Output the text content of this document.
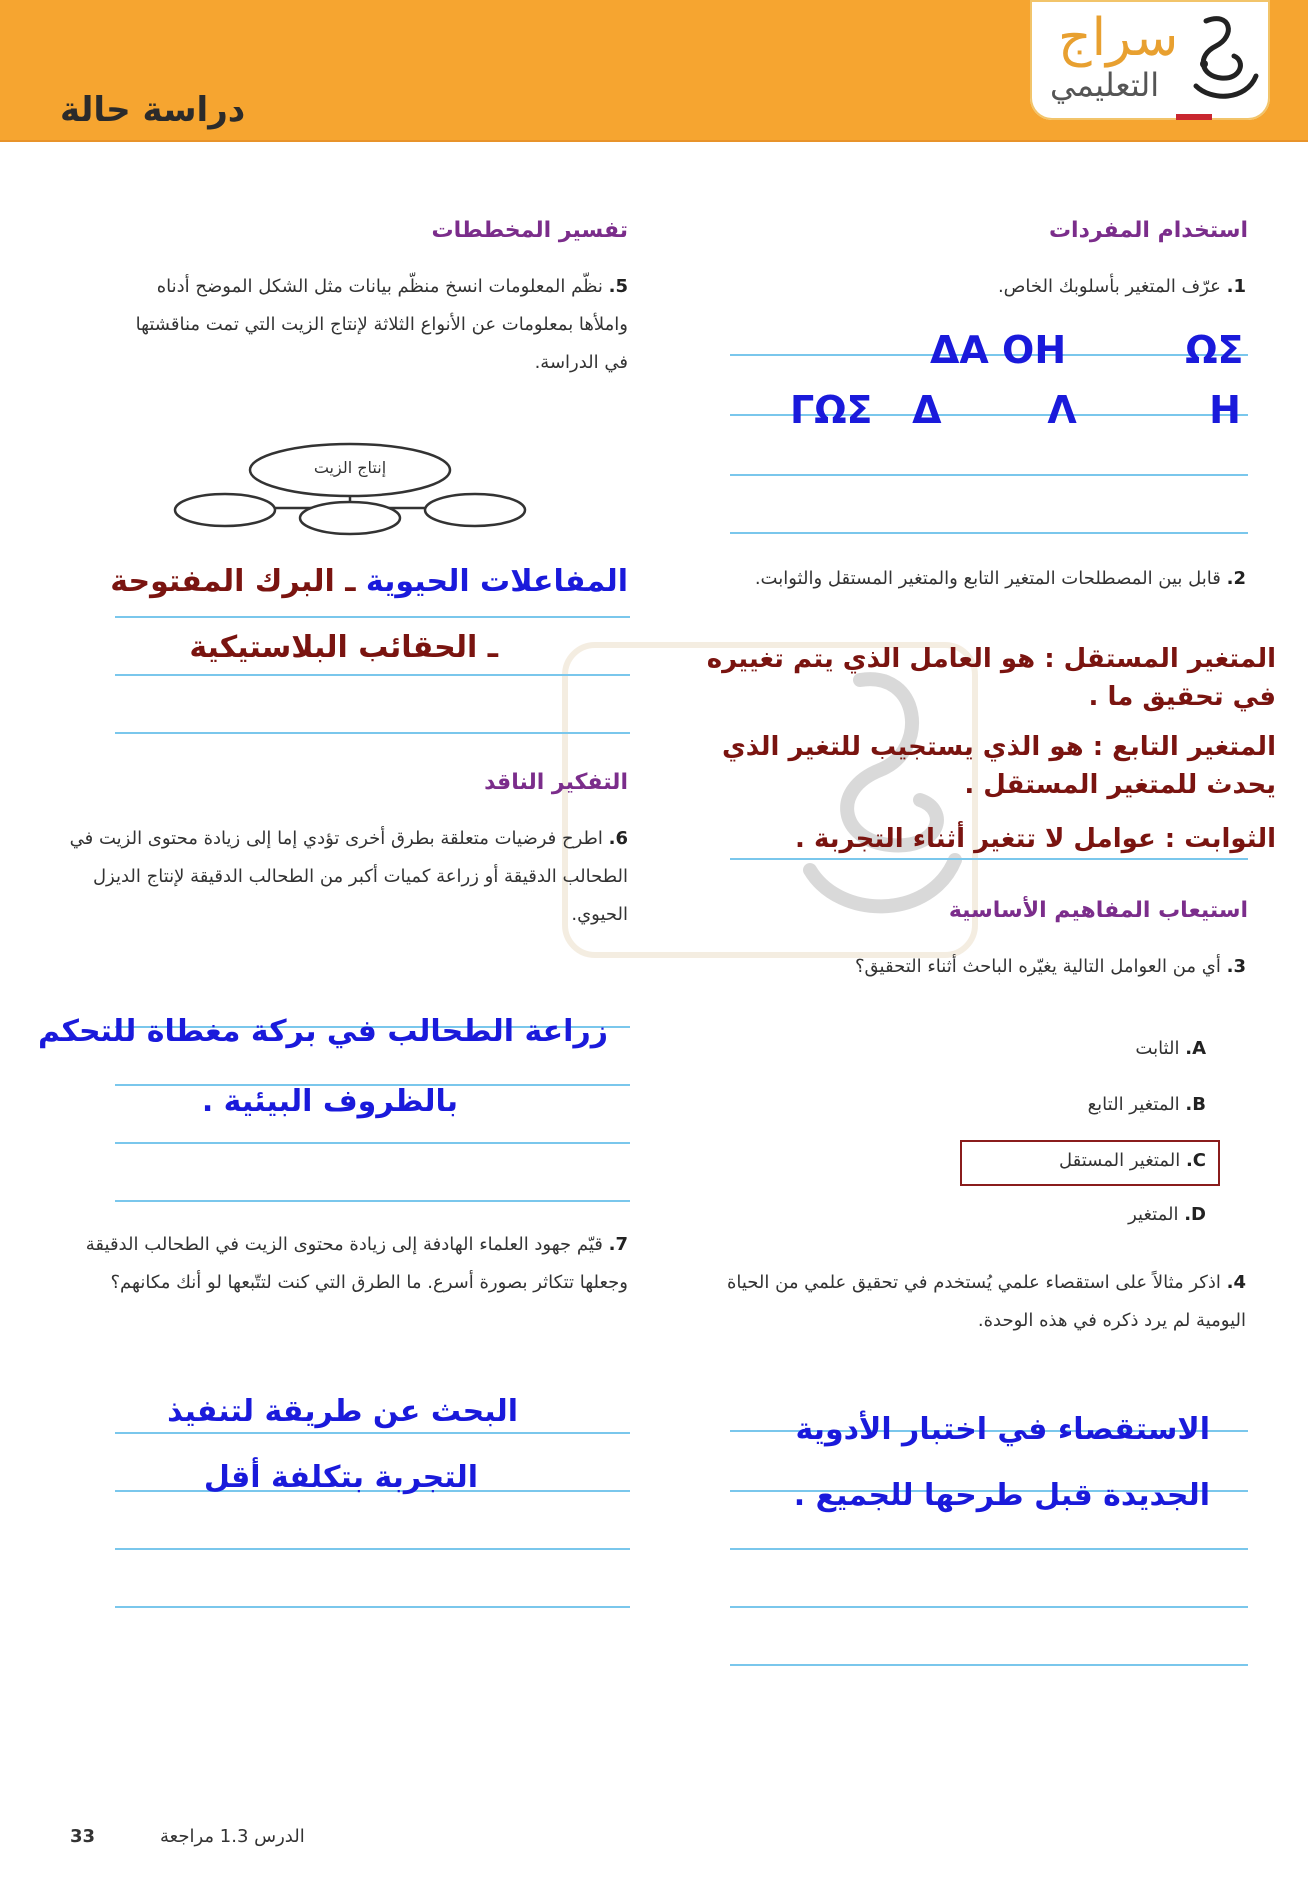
دراسة حالة
سراج
التعليمي
استخدام المفردات
1. عرّف المتغير بأسلوبك الخاص.
ΔΑ ΟΗ         ΩΣ
ΓΩΣ   Δ        Λ          Η
2. قابل بين المصطلحات المتغير التابع والمتغير المستقل والثوابت.
المتغير المستقل : هو العامل الذي يتم تغييره في تحقيق ما .
المتغير التابع : هو الذي يستجيب للتغير الذي يحدث للمتغير المستقل .
الثوابت : عوامل لا تتغير أثناء التجربة .
استيعاب المفاهيم الأساسية
3. أي من العوامل التالية يغيّره الباحث أثناء التحقيق؟
A. الثابت
B. المتغير التابع
C. المتغير المستقل
D. المتغير
4. اذكر مثالاً على استقصاء علمي يُستخدم في تحقيق علمي من الحياة اليومية لم يرد ذكره في هذه الوحدة.
الاستقصاء في اختبار الأدوية
الجديدة قبل طرحها للجميع .
تفسير المخططات
5. نظّم المعلومات انسخ منظّم بيانات مثل الشكل الموضح أدناه واملأها بمعلومات عن الأنواع الثلاثة لإنتاج الزيت التي تمت مناقشتها في الدراسة.
إنتاج الزيت
المفاعلات الحيوية ـ البرك المفتوحة
ـ الحقائب البلاستيكية
التفكير الناقد
6. اطرح فرضيات متعلقة بطرق أخرى تؤدي إما إلى زيادة محتوى الزيت في الطحالب الدقيقة أو زراعة كميات أكبر من الطحالب الدقيقة لإنتاج الديزل الحيوي.
زراعة الطحالب في بركة مغطاة للتحكم
بالظروف البيئية .
7. قيّم جهود العلماء الهادفة إلى زيادة محتوى الزيت في الطحالب الدقيقة وجعلها تتكاثر بصورة أسرع. ما الطرق التي كنت لتتّبعها لو أنك مكانهم؟
البحث عن طريقة لتنفيذ
التجربة بتكلفة أقل
33	الدرس 1.3 مراجعة
